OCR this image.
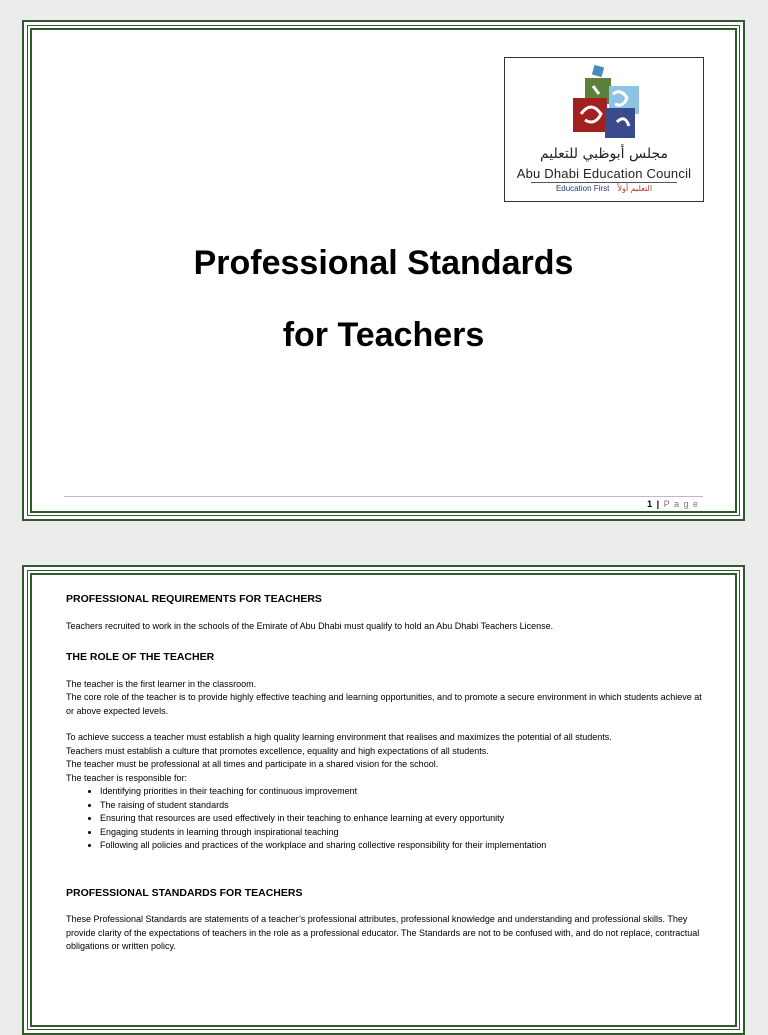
مجلس أبوظبي للتعليم
Abu Dhabi Education Council
Education First التعليم أولاً
Professional Standards
for Teachers
1 | P a g e

PROFESSIONAL REQUIREMENTS FOR TEACHERS

Teachers recruited to work in the schools of the Emirate of Abu Dhabi must qualify to hold an Abu Dhabi Teachers License.

THE ROLE OF THE TEACHER

The teacher is the first learner in the classroom.

The core role of the teacher is to provide highly effective teaching and learning opportunities, and to promote a secure environment in which students achieve at or above expected levels.

To achieve success a teacher must establish a high quality learning environment that realises and maximizes the potential of all students.

Teachers must establish a culture that promotes excellence, equality and high expectations of all students.

The teacher must be professional at all times and participate in a shared vision for the school.

The teacher is responsible for:

• Identifying priorities in their teaching for continuous improvement
• The raising of student standards
• Ensuring that resources are used effectively in their teaching to enhance learning at every opportunity
• Engaging students in learning through inspirational teaching
• Following all policies and practices of the workplace and sharing collective responsibility for their implementation

PROFESSIONAL STANDARDS FOR TEACHERS

These Professional Standards are statements of a teacher’s professional attributes, professional knowledge and understanding and professional skills. They provide clarity of the expectations of teachers in the role as a professional educator. The Standards are not to be confused with, and do not replace, contractual obligations or written policy.
